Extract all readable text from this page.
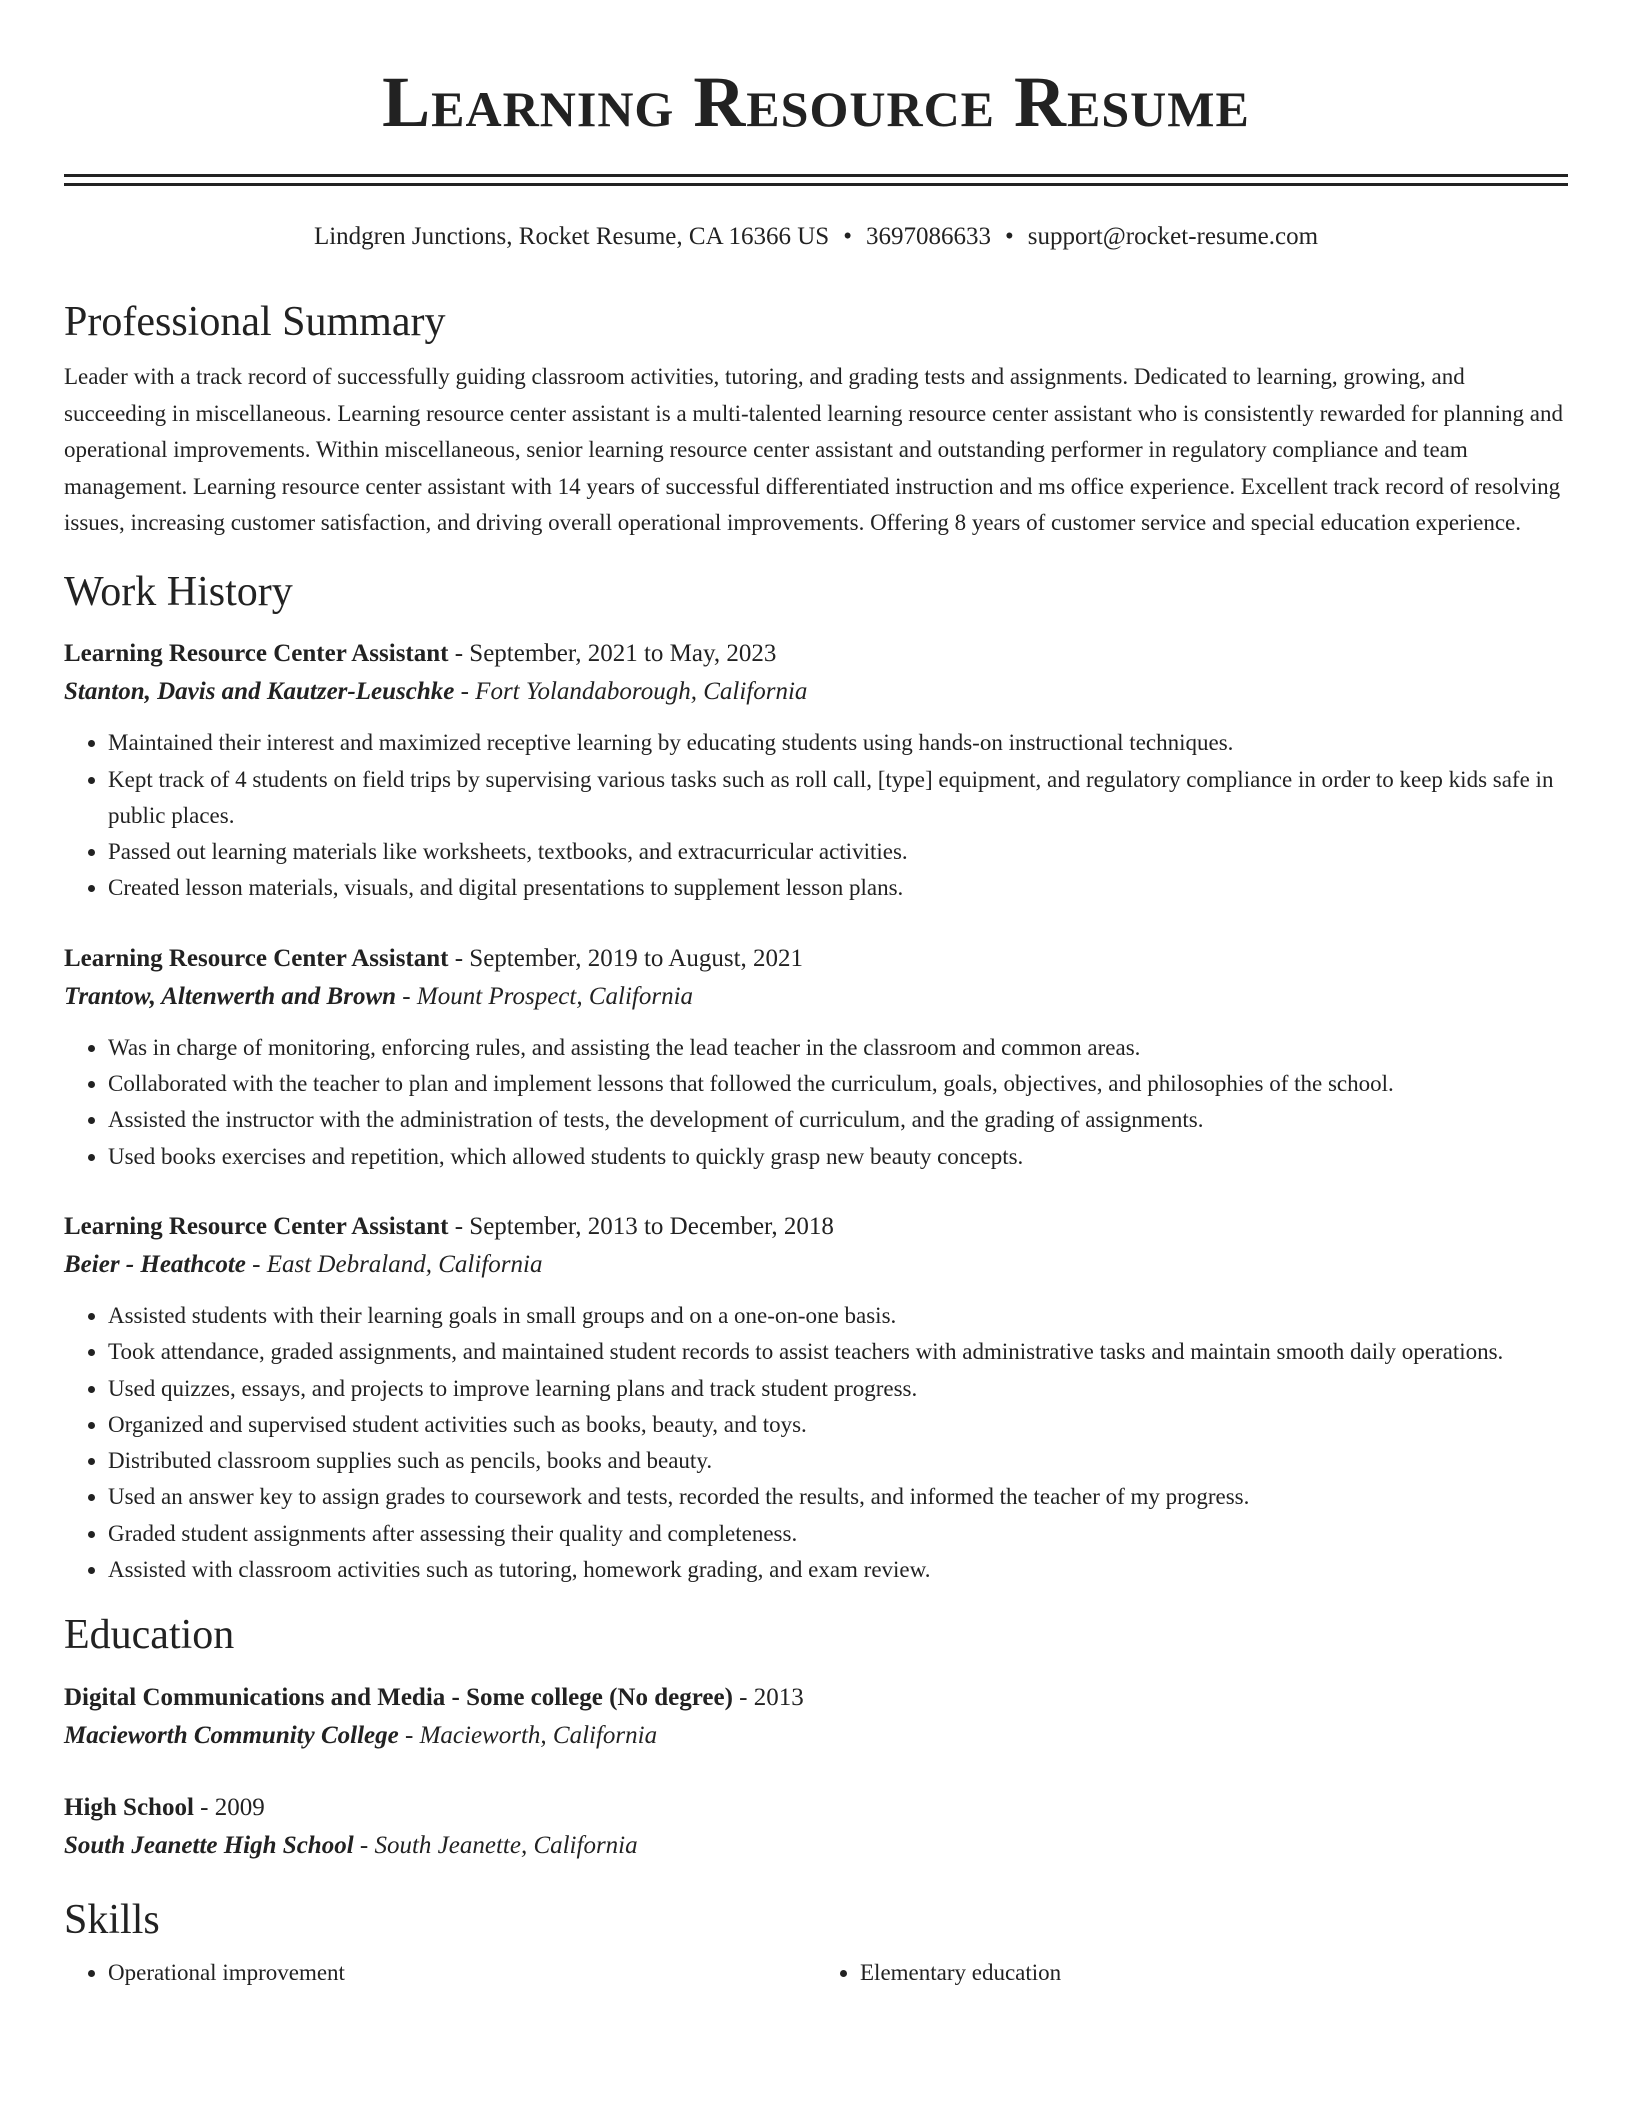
Learning Resource Resume
Lindgren Junctions, Rocket Resume, CA 16366 US • 3697086633 • support@rocket-resume.com
Professional Summary
Leader with a track record of successfully guiding classroom activities, tutoring, and grading tests and assignments. Dedicated to learning, growing, and succeeding in miscellaneous. Learning resource center assistant is a multi-talented learning resource center assistant who is consistently rewarded for planning and operational improvements. Within miscellaneous, senior learning resource center assistant and outstanding performer in regulatory compliance and team management. Learning resource center assistant with 14 years of successful differentiated instruction and ms office experience. Excellent track record of resolving issues, increasing customer satisfaction, and driving overall operational improvements. Offering 8 years of customer service and special education experience.
Work History
Learning Resource Center Assistant - September, 2021 to May, 2023
Stanton, Davis and Kautzer-Leuschke - Fort Yolandaborough, California
• Maintained their interest and maximized receptive learning by educating students using hands-on instructional techniques.
• Kept track of 4 students on field trips by supervising various tasks such as roll call, [type] equipment, and regulatory compliance in order to keep kids safe in public places.
• Passed out learning materials like worksheets, textbooks, and extracurricular activities.
• Created lesson materials, visuals, and digital presentations to supplement lesson plans.
Learning Resource Center Assistant - September, 2019 to August, 2021
Trantow, Altenwerth and Brown - Mount Prospect, California
• Was in charge of monitoring, enforcing rules, and assisting the lead teacher in the classroom and common areas.
• Collaborated with the teacher to plan and implement lessons that followed the curriculum, goals, objectives, and philosophies of the school.
• Assisted the instructor with the administration of tests, the development of curriculum, and the grading of assignments.
• Used books exercises and repetition, which allowed students to quickly grasp new beauty concepts.
Learning Resource Center Assistant - September, 2013 to December, 2018
Beier - Heathcote - East Debraland, California
• Assisted students with their learning goals in small groups and on a one-on-one basis.
• Took attendance, graded assignments, and maintained student records to assist teachers with administrative tasks and maintain smooth daily operations.
• Used quizzes, essays, and projects to improve learning plans and track student progress.
• Organized and supervised student activities such as books, beauty, and toys.
• Distributed classroom supplies such as pencils, books and beauty.
• Used an answer key to assign grades to coursework and tests, recorded the results, and informed the teacher of my progress.
• Graded student assignments after assessing their quality and completeness.
• Assisted with classroom activities such as tutoring, homework grading, and exam review.
Education
Digital Communications and Media - Some college (No degree) - 2013
Macieworth Community College - Macieworth, California
High School - 2009
South Jeanette High School - South Jeanette, California
Skills
• Operational improvement
•	Elementary education
